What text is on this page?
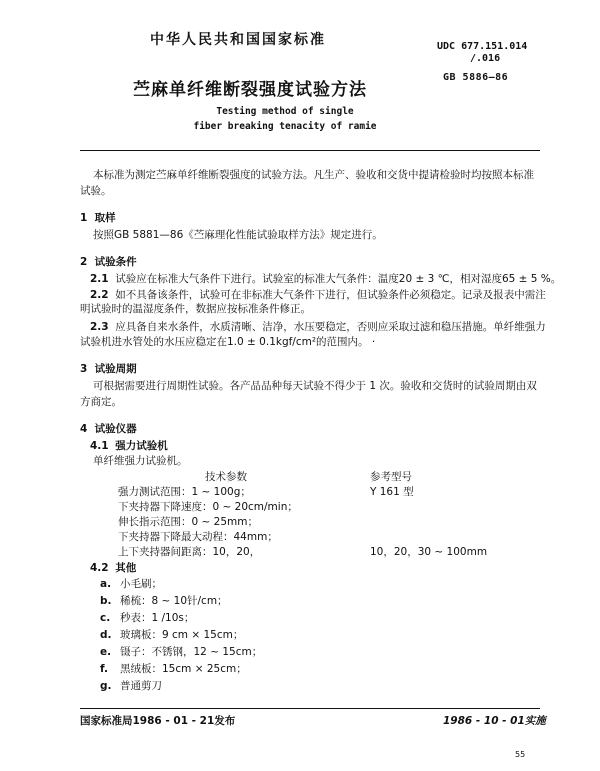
中华人民共和国国家标准	UDC 677.151.014
/.016
苎麻单纤维断裂强度试验方法
GB 5886—86
Testing method of single
fiber breaking tenacity of ramie
本标准为测定苎麻单纤维断裂强度的试验方法。凡生产、验收和交货中提请检验时均按照本标准
试验。
1 取样
按照GB 5881—86《苎麻理化性能试验取样方法》规定进行。
2 试验条件
2.1 试验应在标准大气条件下进行。试验室的标准大气条件：温度20 ± 3 ℃，相对湿度65 ± 5 %。
2.2 如不具备该条件，试验可在非标准大气条件下进行，但试验条件必须稳定。记录及报表中需注
明试验时的温湿度条件，数据应按标准条件修正。
2.3 应具备自来水条件，水质清晰、洁净，水压要稳定，否则应采取过滤和稳压措施。单纤维强力
试验机进水管处的水压应稳定在1.0 ± 0.1kgf/cm²的范围内。 ·
3 试验周期
可根据需要进行周期性试验。各产品品种每天试验不得少于 1 次。验收和交货时的试验周期由双
方商定。
4 试验仪器
4.1 强力试验机
单纤维强力试验机。
技术参数	参考型号
强力测试范围：1 ~ 100g；	Y 161 型
下夹持器下降速度：0 ~ 20cm/min；
伸长指示范围：0 ~ 25mm；
下夹持器下降最大动程：44mm；
上下夹持器间距离：10，20，	10，20，30 ~ 100mm
4.2 其他
a. 小毛刷；
b. 稀梳：8 ~ 10针/cm；
c. 秒表：1 /10s；
d. 玻璃板：9 cm × 15cm；
e. 镊子：不锈钢，12 ~ 15cm；
f. 黑绒板：15cm × 25cm；
g. 普通剪刀
国家标准局1986 - 01 - 21发布	1986 - 10 - 01实施
55
